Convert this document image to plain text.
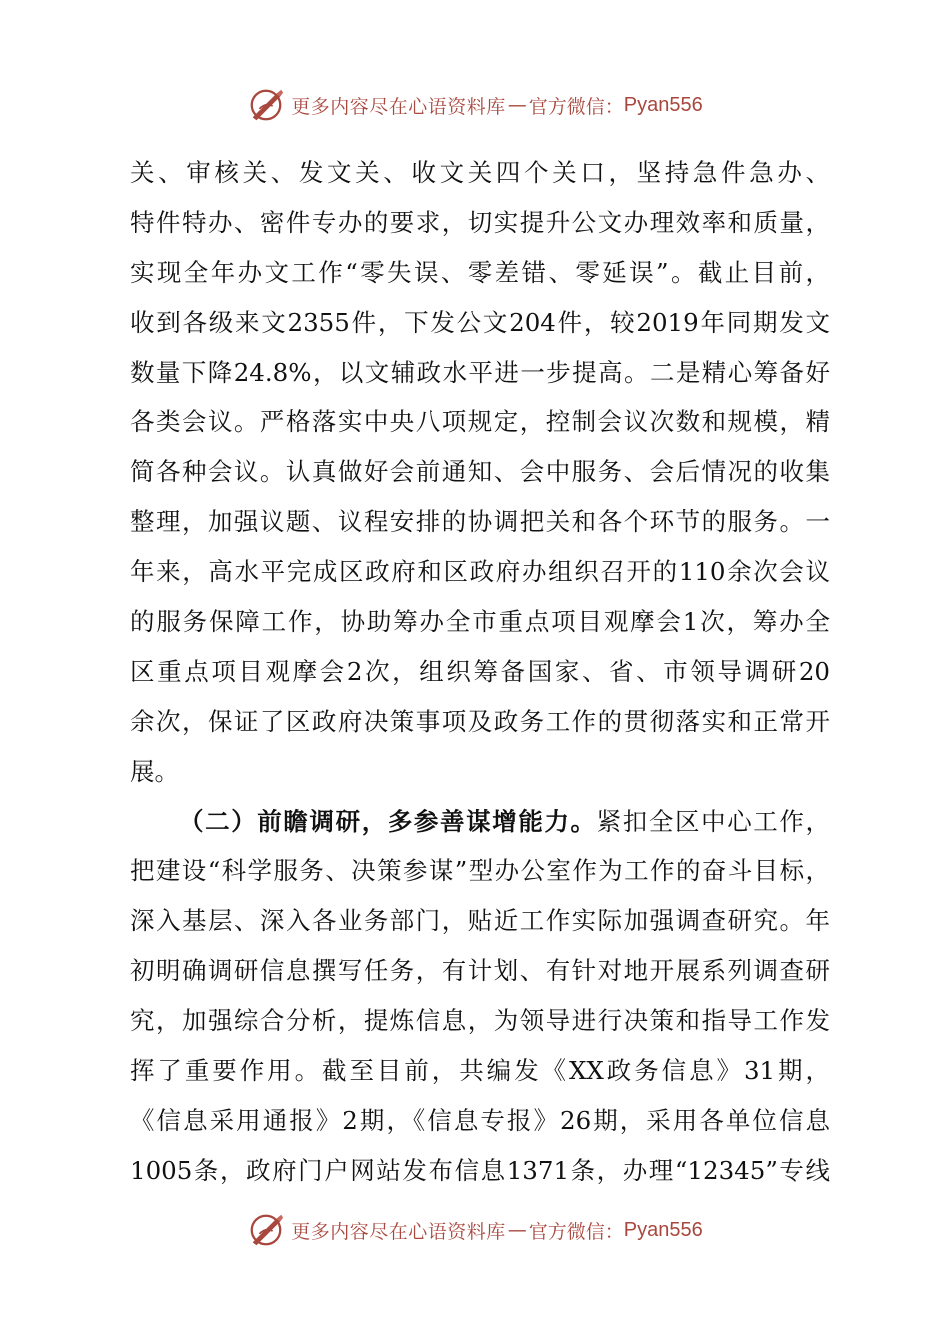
更多内容尽在心语资料库 — 官方微信： Pyan556
关、审核关、发文关、收文关四个关口，坚持急件急办、
特件特办、密件专办的要求，切实提升公文办理效率和质量，
实现全年办文工作“零失误、零差错、零延误”。截止目前，
收到各级来文2355件，下发公文204件，较2019年同期发文
数量下降24.8%，以文辅政水平进一步提高。二是精心筹备好
各类会议。严格落实中央八项规定，控制会议次数和规模，精
简各种会议。认真做好会前通知、会中服务、会后情况的收集
整理，加强议题、议程安排的协调把关和各个环节的服务。一
年来，高水平完成区政府和区政府办组织召开的110余次会议
的服务保障工作，协助筹办全市重点项目观摩会1次，筹办全
区重点项目观摩会2次，组织筹备国家、省、市领导调研20
余次，保证了区政府决策事项及政务工作的贯彻落实和正常开
展。
（二）前瞻调研，多参善谋增能力。紧扣全区中心工作，
把建设“科学服务、决策参谋”型办公室作为工作的奋斗目标，
深入基层、深入各业务部门，贴近工作实际加强调查研究。年
初明确调研信息撰写任务，有计划、有针对地开展系列调查研
究，加强综合分析，提炼信息，为领导进行决策和指导工作发
挥了重要作用。截至目前，共编发《XX政务信息》31期，
《信息采用通报》2期，《信息专报》26期，采用各单位信息
1005条，政府门户网站发布信息1371条，办理“12345”专线
更多内容尽在心语资料库 — 官方微信： Pyan556
